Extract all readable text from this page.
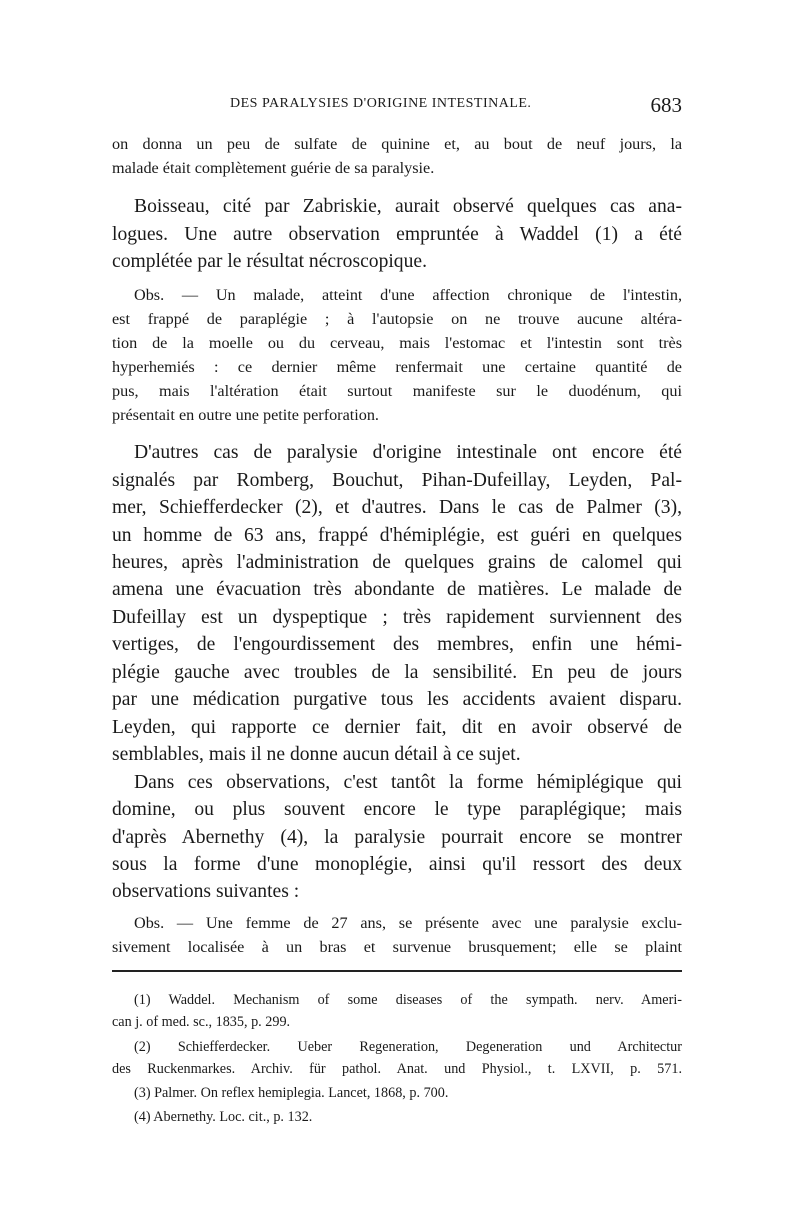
DES PARALYSIES D'ORIGINE INTESTINALE.	683
on donna un peu de sulfate de quinine et, au bout de neuf jours, la
malade était complètement guérie de sa paralysie.
Boisseau, cité par Zabriskie, aurait observé quelques cas ana-
logues. Une autre observation empruntée à Waddel (1) a été
complétée par le résultat nécroscopique.
Obs. — Un malade, atteint d'une affection chronique de l'intestin,
est frappé de paraplégie ; à l'autopsie on ne trouve aucune altéra-
tion de la moelle ou du cerveau, mais l'estomac et l'intestin sont très
hyperhemiés : ce dernier même renfermait une certaine quantité de
pus, mais l'altération était surtout manifeste sur le duodénum, qui
présentait en outre une petite perforation.
D'autres cas de paralysie d'origine intestinale ont encore été
signalés par Romberg, Bouchut, Pihan-Dufeillay, Leyden, Pal-
mer, Schiefferdecker (2), et d'autres. Dans le cas de Palmer (3),
un homme de 63 ans, frappé d'hémiplégie, est guéri en quelques
heures, après l'administration de quelques grains de calomel qui
amena une évacuation très abondante de matières. Le malade de
Dufeillay est un dyspeptique ; très rapidement surviennent des
vertiges, de l'engourdissement des membres, enfin une hémi-
plégie gauche avec troubles de la sensibilité. En peu de jours
par une médication purgative tous les accidents avaient disparu.
Leyden, qui rapporte ce dernier fait, dit en avoir observé de
semblables, mais il ne donne aucun détail à ce sujet.
Dans ces observations, c'est tantôt la forme hémiplégique qui
domine, ou plus souvent encore le type paraplégique; mais
d'après Abernethy (4), la paralysie pourrait encore se montrer
sous la forme d'une monoplégie, ainsi qu'il ressort des deux
observations suivantes :
Obs. — Une femme de 27 ans, se présente avec une paralysie exclu-
sivement localisée à un bras et survenue brusquement; elle se plaint
(1) Waddel. Mechanism of some diseases of the sympath. nerv. Ameri-
can j. of med. sc., 1835, p. 299.
(2) Schiefferdecker. Ueber Regeneration, Degeneration und Architectur
des Ruckenmarkes. Archiv. für pathol. Anat. und Physiol., t. LXVII, p. 571.
(3) Palmer. On reflex hemiplegia. Lancet, 1868, p. 700.
(4) Abernethy. Loc. cit., p. 132.
